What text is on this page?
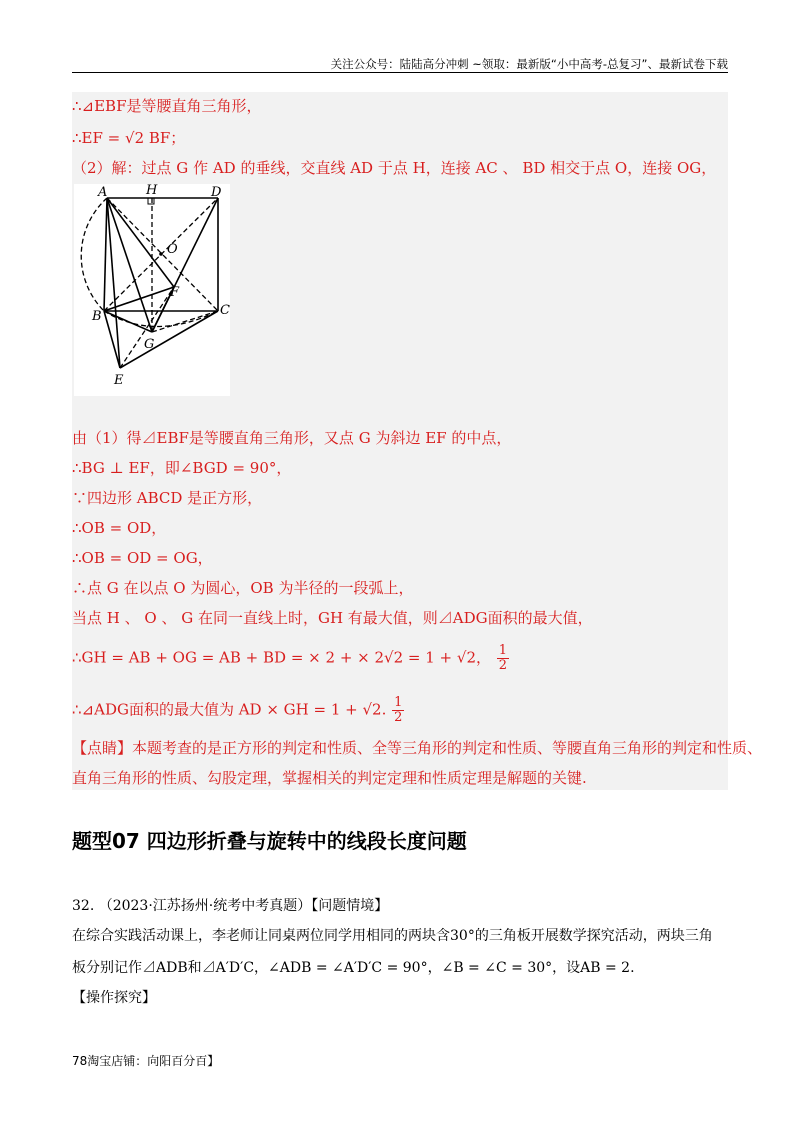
关注公众号：陆陆高分冲刺 ~领取：最新版“小中高考-总复习”、最新试卷下载
∴⊿EBF是等腰直角三角形，
∴EF = √2 BF；
（2）解：过点 G 作 AD 的垂线，交直线 AD 于点 H，连接 AC 、 BD 相交于点 O，连接 OG，
A	H	D
O
F
B	C
G
E
由（1）得⊿EBF是等腰直角三角形，又点 G 为斜边 EF 的中点，
∴BG ⊥ EF，即∠BGD = 90°，
∵四边形 ABCD 是正方形，
∴OB = OD，
∴OB = OD = OG，
∴点 G 在以点 O 为圆心，OB 为半径的一段弧上，
当点 H 、 O 、 G 在同一直线上时，GH 有最大值，则⊿ADG面积的最大值，
∴GH = AB + OG = AB + BD = × 2 + × 2√2 = 1 + √2， $\frac{1}{2}$
∴⊿ADG面积的最大值为 AD × GH = 1 + √2. $\frac{1}{2}$
【点睛】本题考查的是正方形的判定和性质、全等三角形的判定和性质、等腰直角三角形的判定和性质、
直角三角形的性质、勾股定理，掌握相关的判定定理和性质定理是解题的关键.
题型07 四边形折叠与旋转中的线段长度问题
32. （2023·江苏扬州·统考中考真题）【问题情境】
在综合实践活动课上，李老师让同桌两位同学用相同的两块含30°的三角板开展数学探究活动，两块三角
板分别记作⊿ADB和⊿A′D′C，∠ADB = ∠A′D′C = 90°，∠B = ∠C = 30°，设AB = 2.
【操作探究】
78淘宝店铺：向阳百分百】
